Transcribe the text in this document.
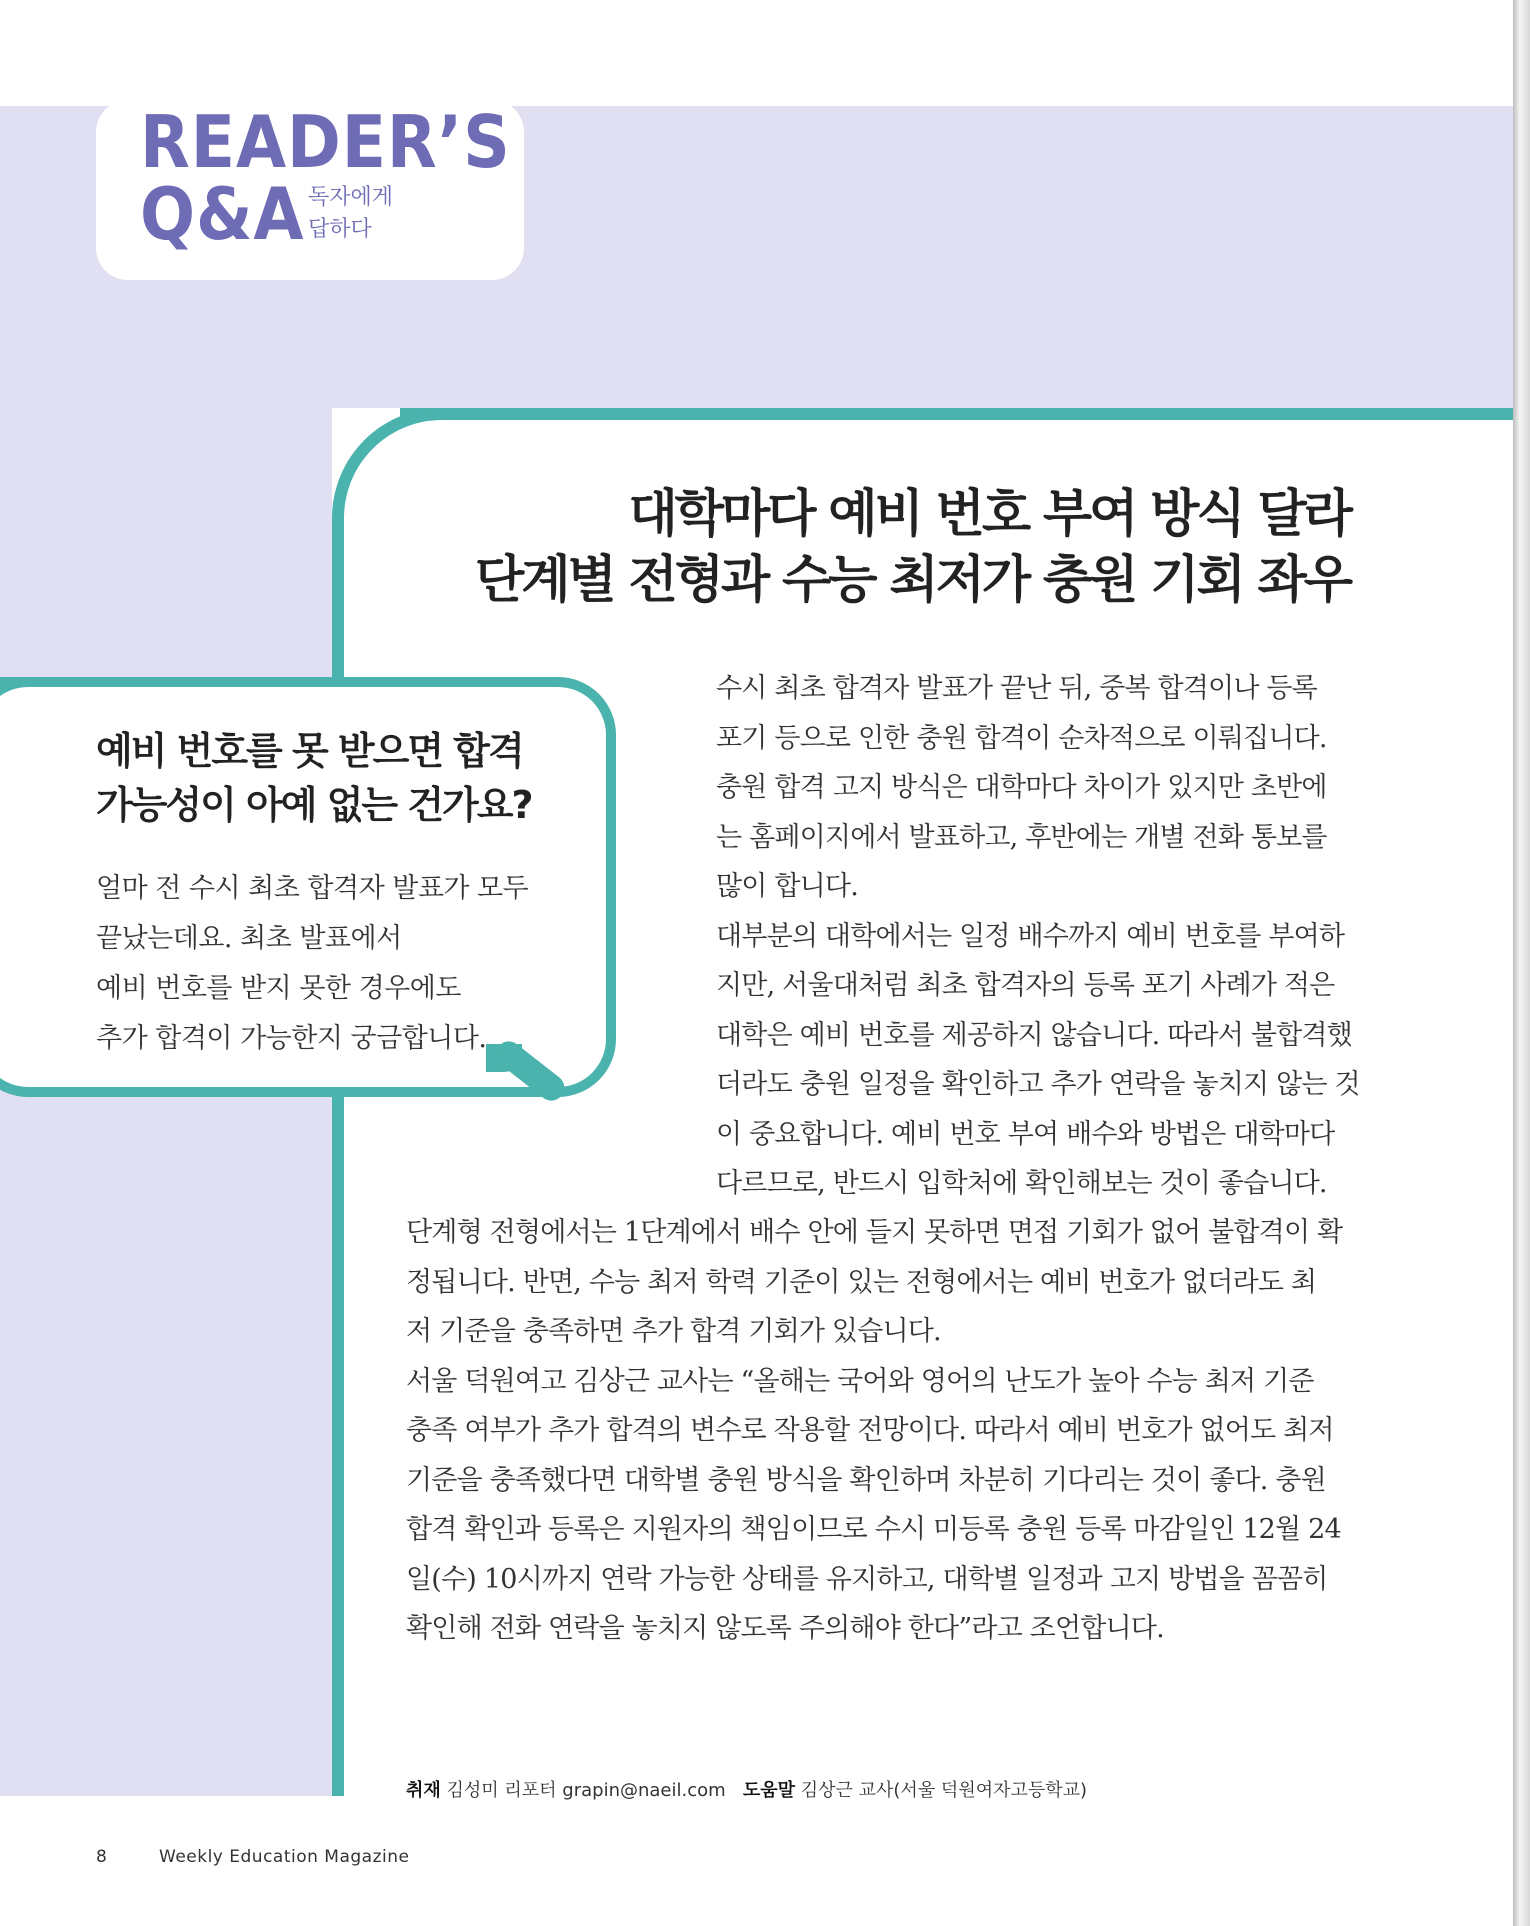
READER’S

Q&A 독자에게

답하다

대학마다 예비 번호 부여 방식 달라
단계별 전형과 수능 최저가 충원 기회 좌우
예비 번호를 못 받으면 합격
가능성이 아예 없는 건가요?

얼마 전 수시 최초 합격자 발표가 모두
끝났는데요. 최초 발표에서
예비 번호를 받지 못한 경우에도
추가 합격이 가능한지 궁금합니다.

수시 최초 합격자 발표가 끝난 뒤, 중복 합격이나 등록
포기 등으로 인한 충원 합격이 순차적으로 이뤄집니다.
충원 합격 고지 방식은 대학마다 차이가 있지만 초반에
는 홈페이지에서 발표하고, 후반에는 개별 전화 통보를
많이 합니다.
대부분의 대학에서는 일정 배수까지 예비 번호를 부여하
지만, 서울대처럼 최초 합격자의 등록 포기 사례가 적은
대학은 예비 번호를 제공하지 않습니다. 따라서 불합격했
더라도 충원 일정을 확인하고 추가 연락을 놓치지 않는 것
이 중요합니다. 예비 번호 부여 배수와 방법은 대학마다
다르므로, 반드시 입학처에 확인해보는 것이 좋습니다.

단계형 전형에서는 1단계에서 배수 안에 들지 못하면 면접 기회가 없어 불합격이 확
정됩니다. 반면, 수능 최저 학력 기준이 있는 전형에서는 예비 번호가 없더라도 최
저 기준을 충족하면 추가 합격 기회가 있습니다.
서울 덕원여고 김상근 교사는 “올해는 국어와 영어의 난도가 높아 수능 최저 기준
충족 여부가 추가 합격의 변수로 작용할 전망이다. 따라서 예비 번호가 없어도 최저
기준을 충족했다면 대학별 충원 방식을 확인하며 차분히 기다리는 것이 좋다. 충원
합격 확인과 등록은 지원자의 책임이므로 수시 미등록 충원 등록 마감일인 12월 24
일(수) 10시까지 연락 가능한 상태를 유지하고, 대학별 일정과 고지 방법을 꼼꼼히
확인해 전화 연락을 놓치지 않도록 주의해야 한다”라고 조언합니다.

취재 김성미 리포터 grapin@naeil.com 도움말 김상근 교사(서울 덕원여자고등학교)

8	Weekly Education Magazine
